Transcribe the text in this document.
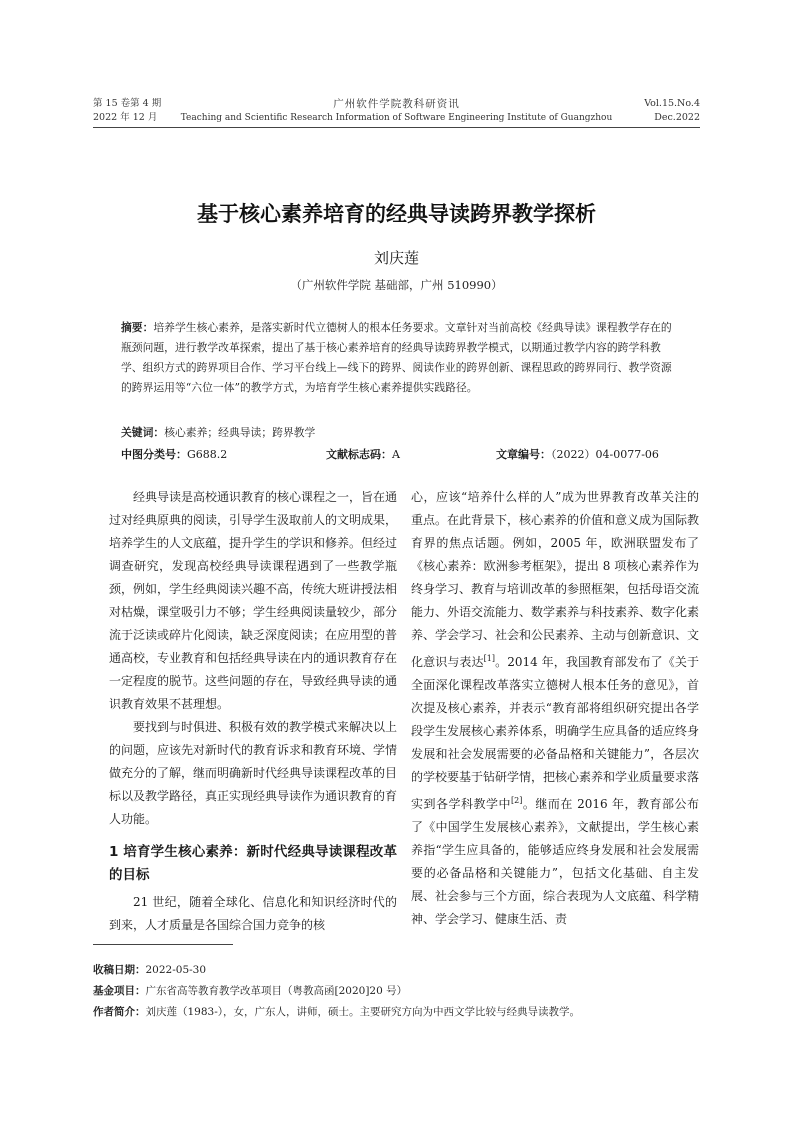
第 15 卷第 4 期
2022 年 12 月
广州软件学院教科研资讯
Teaching and Scientific Research Information of Software Engineering Institute of Guangzhou
Vol.15.No.4
Dec.2022
基于核心素养培育的经典导读跨界教学探析
刘庆莲
（广州软件学院 基础部，广州 510990）
摘要：培养学生核心素养，是落实新时代立德树人的根本任务要求。文章针对当前高校《经典导读》课程教学存在的瓶颈问题，进行教学改革探索，提出了基于核心素养培育的经典导读跨界教学模式，以期通过教学内容的跨学科教学、组织方式的跨界项目合作、学习平台线上—线下的跨界、阅读作业的跨界创新、课程思政的跨界同行、教学资源的跨界运用等“六位一体”的教学方式，为培育学生核心素养提供实践路径。
关键词：核心素养；经典导读；跨界教学
中图分类号：G688.2	文献标志码：A	文章编号：（2022）04-0077-06

经典导读是高校通识教育的核心课程之一，旨在通过对经典原典的阅读，引导学生汲取前人的文明成果，培养学生的人文底蕴，提升学生的学识和修养。但经过调查研究，发现高校经典导读课程遇到了一些教学瓶颈，例如，学生经典阅读兴趣不高，传统大班讲授法相对枯燥，课堂吸引力不够；学生经典阅读量较少，部分流于泛读或碎片化阅读，缺乏深度阅读；在应用型的普通高校，专业教育和包括经典导读在内的通识教育存在一定程度的脱节。这些问题的存在，导致经典导读的通识教育效果不甚理想。

要找到与时俱进、积极有效的教学模式来解决以上的问题，应该先对新时代的教育诉求和教育环境、学情做充分的了解，继而明确新时代经典导读课程改革的目标以及教学路径，真正实现经典导读作为通识教育的育人功能。

1 培育学生核心素养：新时代经典导读课程改革的目标

21 世纪，随着全球化、信息化和知识经济时代的到来，人才质量是各国综合国力竞争的核

心，应该“培养什么样的人”成为世界教育改革关注的重点。在此背景下，核心素养的价值和意义成为国际教育界的焦点话题。例如，2005 年，欧洲联盟发布了《核心素养：欧洲参考框架》，提出 8 项核心素养作为终身学习、教育与培训改革的参照框架，包括母语交流能力、外语交流能力、数学素养与科技素养、数字化素养、学会学习、社会和公民素养、主动与创新意识、文化意识与表达[1]。2014 年，我国教育部发布了《关于全面深化课程改革落实立德树人根本任务的意见》，首次提及核心素养，并表示“教育部将组织研究提出各学段学生发展核心素养体系，明确学生应具备的适应终身发展和社会发展需要的必备品格和关键能力”，各层次的学校要基于钻研学情，把核心素养和学业质量要求落实到各学科教学中[2]。继而在 2016 年，教育部公布了《中国学生发展核心素养》，文献提出，学生核心素养指“学生应具备的，能够适应终身发展和社会发展需要的必备品格和关键能力”，包括文化基础、自主发展、社会参与三个方面，综合表现为人文底蕴、科学精神、学会学习、健康生活、责

收稿日期：2022-05-30
基金项目：广东省高等教育教学改革项目（粤教高函[2020]20 号）
作者简介：刘庆莲（1983-），女，广东人，讲师，硕士。主要研究方向为中西文学比较与经典导读教学。
